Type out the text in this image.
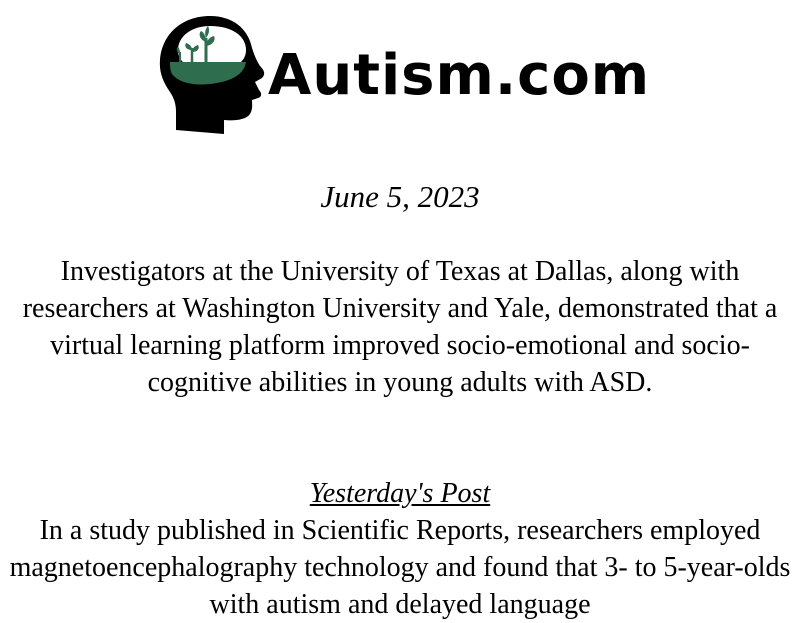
Autism.com
June 5, 2023
Investigators at the University of Texas at Dallas, along with researchers at Washington University and Yale, demonstrated that a virtual learning platform improved socio-emotional and socio-cognitive abilities in young adults with ASD.
Yesterday's Post
In a study published in Scientific Reports, researchers employed magnetoencephalography technology and found that 3- to 5-year-olds with autism and delayed language
